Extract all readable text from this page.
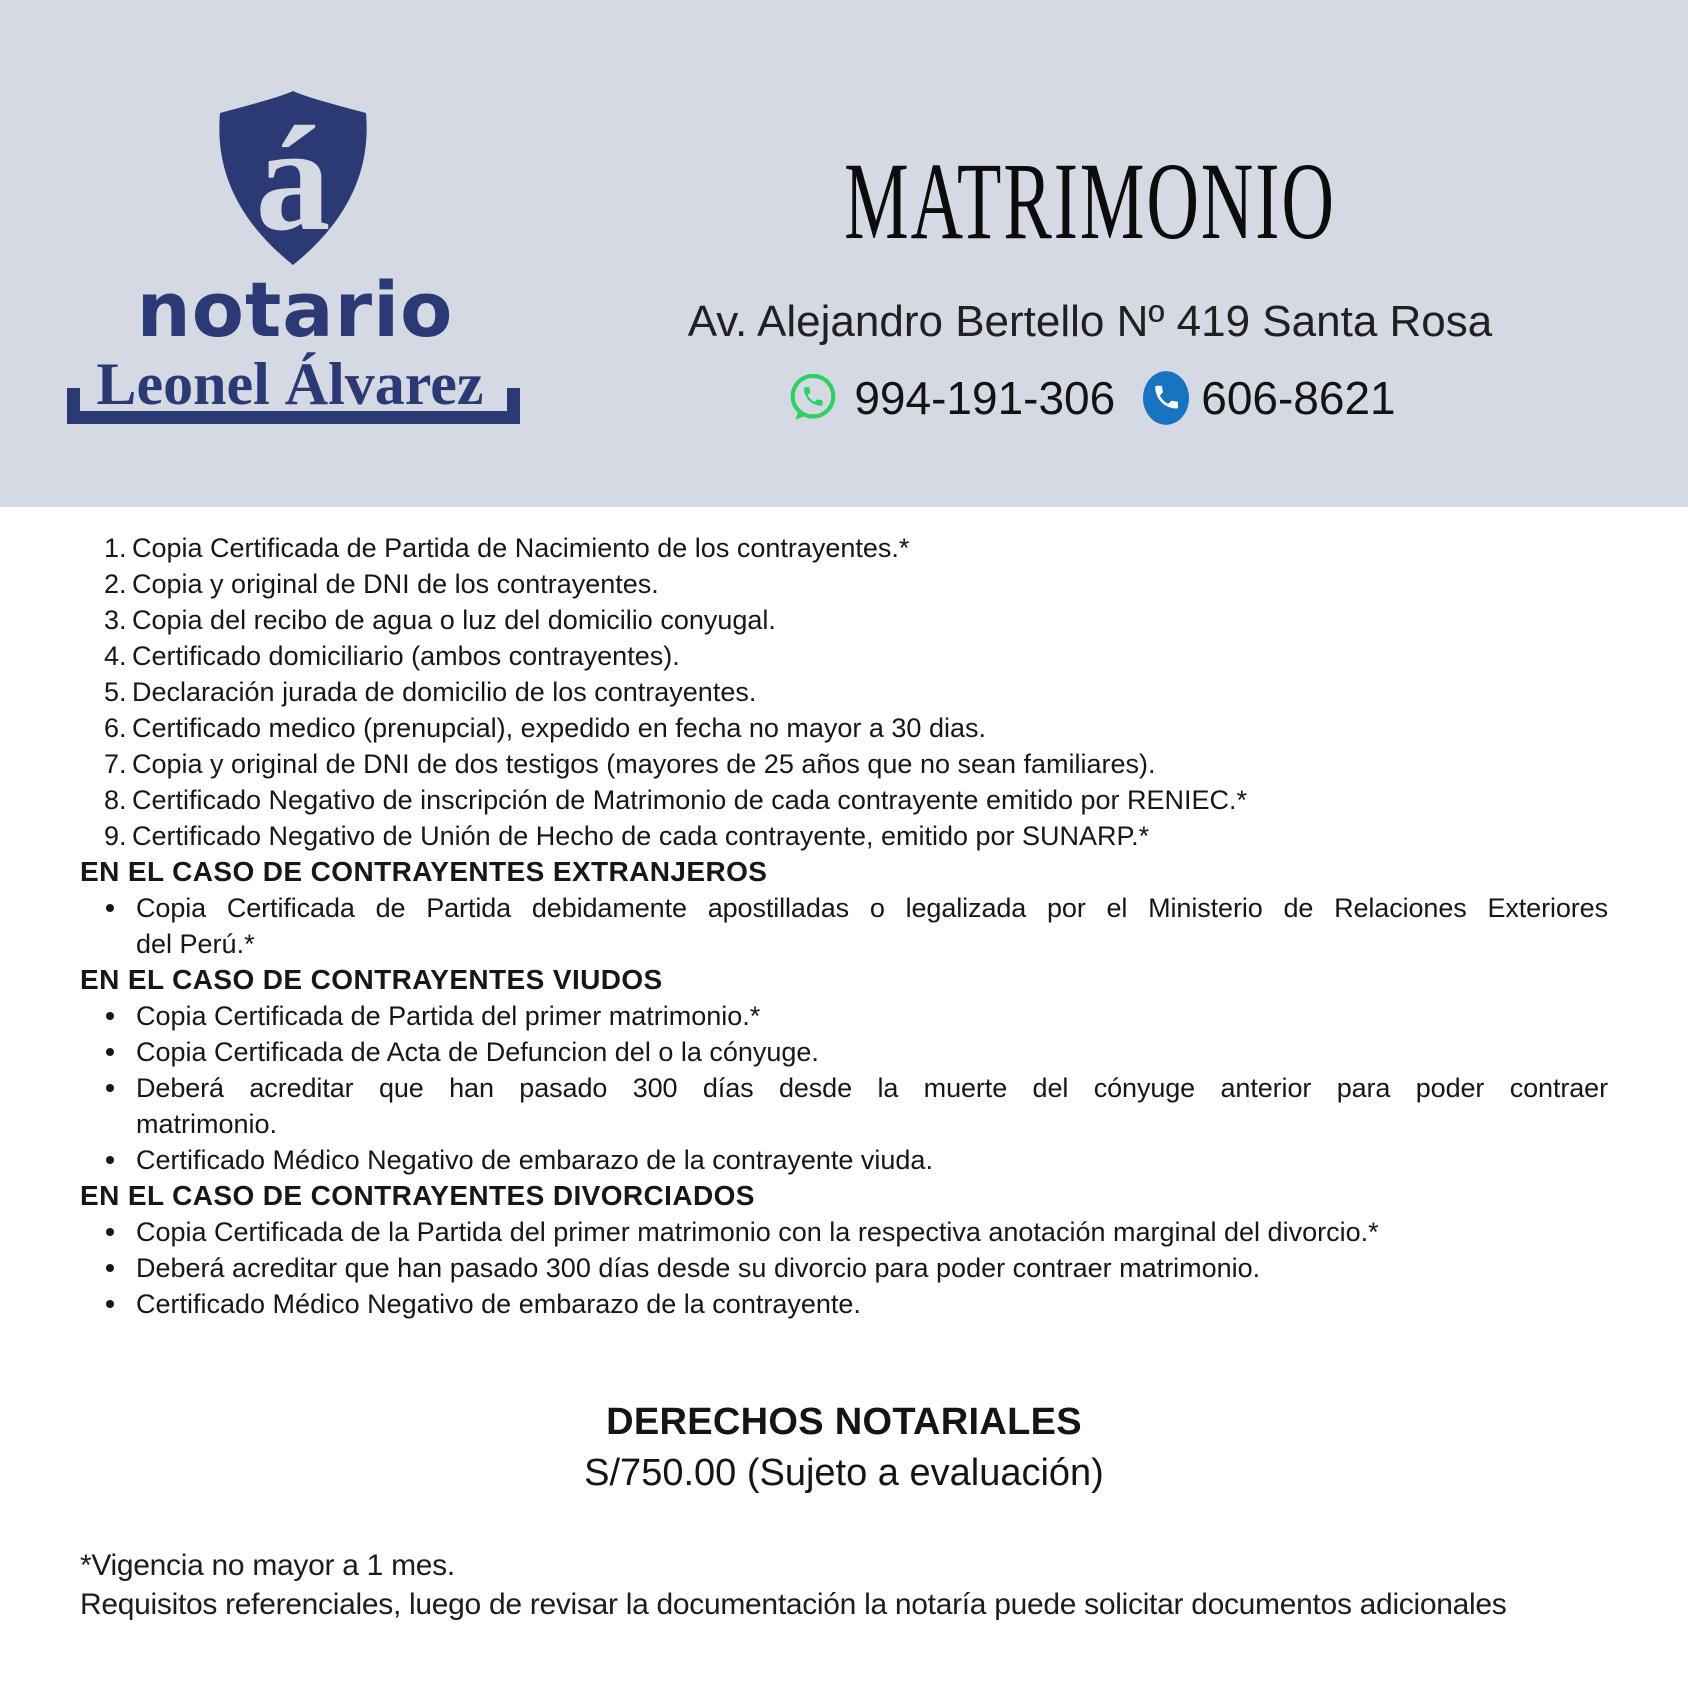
á
notario
Leonel Álvarez
MATRIMONIO
Av. Alejandro Bertello Nº 419 Santa Rosa
994-191-306 606-8621
1. Copia Certificada de Partida de Nacimiento de los contrayentes.*
2. Copia y original de DNI de los contrayentes.
3. Copia del recibo de agua o luz del domicilio conyugal.
4. Certificado domiciliario (ambos contrayentes).
5. Declaración jurada de domicilio de los contrayentes.
6. Certificado medico (prenupcial), expedido en fecha no mayor a 30 dias.
7. Copia y original de DNI de dos testigos (mayores de 25 años que no sean familiares).
8. Certificado Negativo de inscripción de Matrimonio de cada contrayente emitido por RENIEC.*
9. Certificado Negativo de Unión de Hecho de cada contrayente, emitido por SUNARP.*
EN EL CASO DE CONTRAYENTES EXTRANJEROS
Copia Certificada de Partida debidamente apostilladas o legalizada por el Ministerio de Relaciones Exteriores
del Perú.*
EN EL CASO DE CONTRAYENTES VIUDOS
Copia Certificada de Partida del primer matrimonio.*
Copia Certificada de Acta de Defuncion del o la cónyuge.
Deberá acreditar que han pasado 300 días desde la muerte del cónyuge anterior para poder contraer
matrimonio.
Certificado Médico Negativo de embarazo de la contrayente viuda.
EN EL CASO DE CONTRAYENTES DIVORCIADOS
Copia Certificada de la Partida del primer matrimonio con la respectiva anotación marginal del divorcio.*
Deberá acreditar que han pasado 300 días desde su divorcio para poder contraer matrimonio.
Certificado Médico Negativo de embarazo de la contrayente.
DERECHOS NOTARIALES
S/750.00 (Sujeto a evaluación)
*Vigencia no mayor a 1 mes.
Requisitos referenciales, luego de revisar la documentación la notaría puede solicitar documentos adicionales
